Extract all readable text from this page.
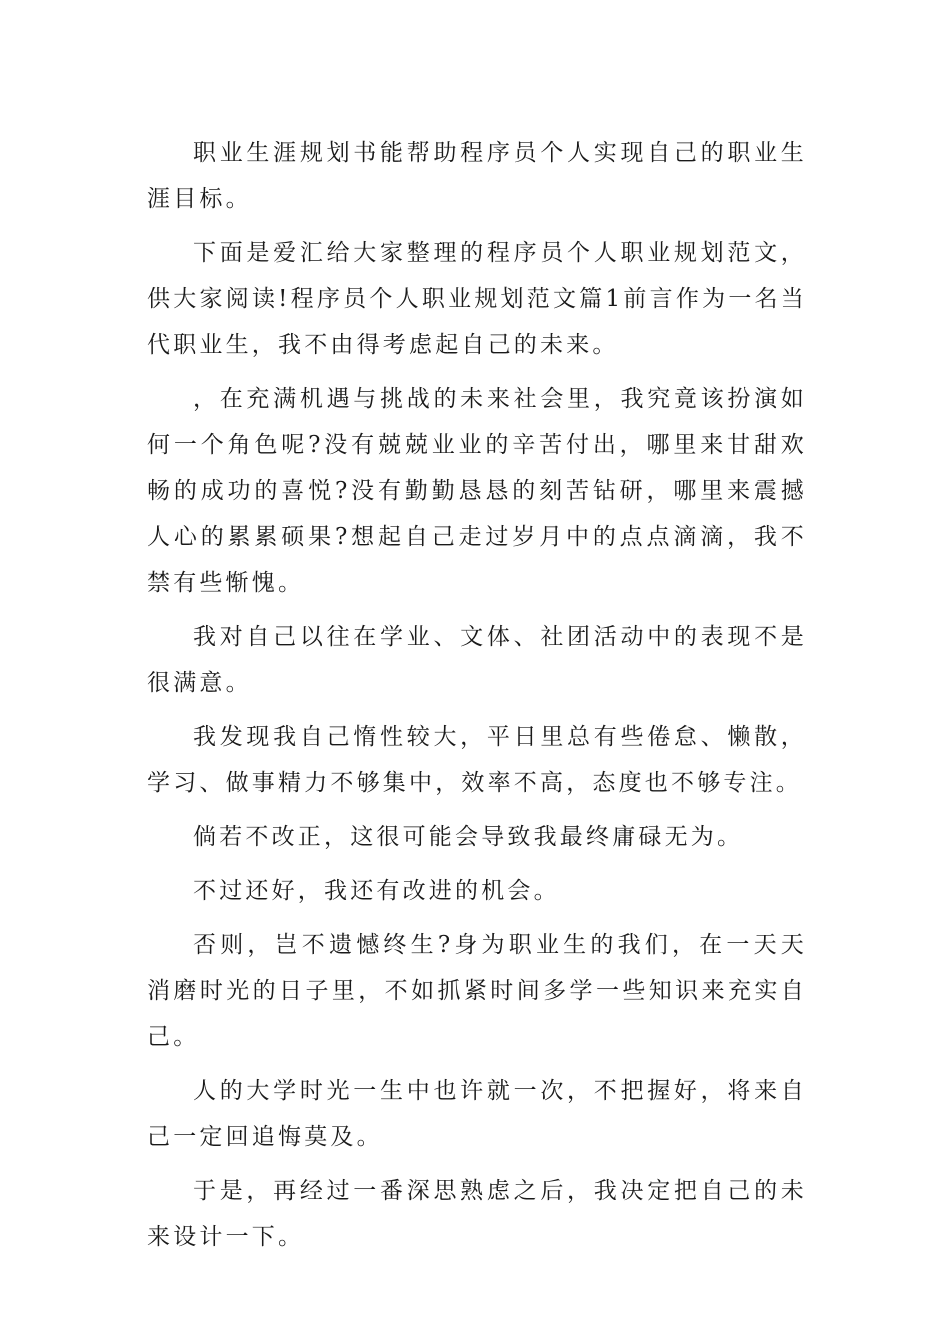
职业生涯规划书能帮助程序员个人实现自己的职业生涯目标。

下面是爱汇给大家整理的程序员个人职业规划范文，供大家阅读!程序员个人职业规划范文篇1前言作为一名当代职业生，我不由得考虑起自己的未来。

，在充满机遇与挑战的未来社会里，我究竟该扮演如何一个角色呢?没有兢兢业业的辛苦付出，哪里来甘甜欢畅的成功的喜悦?没有勤勤恳恳的刻苦钻研，哪里来震撼人心的累累硕果?想起自己走过岁月中的点点滴滴，我不禁有些惭愧。

我对自己以往在学业、文体、社团活动中的表现不是很满意。

我发现我自己惰性较大，平日里总有些倦怠、懒散，学习、做事精力不够集中，效率不高，态度也不够专注。

倘若不改正，这很可能会导致我最终庸碌无为。

不过还好，我还有改进的机会。

否则，岂不遗憾终生?身为职业生的我们，在一天天消磨时光的日子里，不如抓紧时间多学一些知识来充实自己。

人的大学时光一生中也许就一次，不把握好，将来自己一定回追悔莫及。

于是，再经过一番深思熟虑之后，我决定把自己的未来设计一下。
